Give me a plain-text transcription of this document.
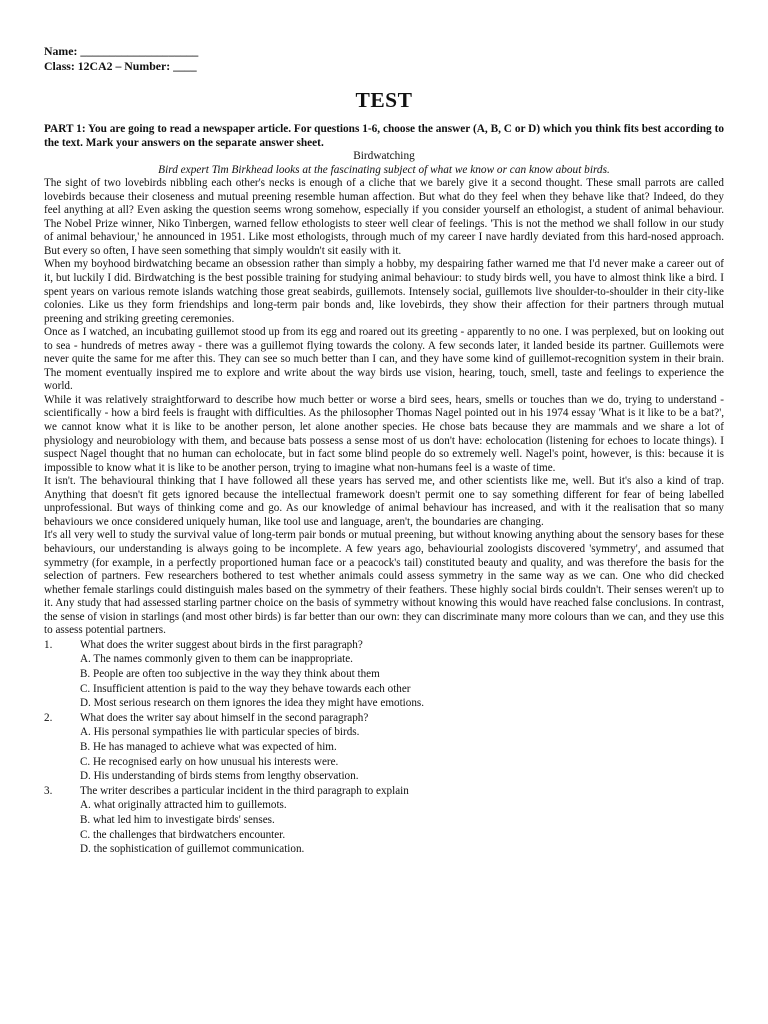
Name: ____________________

Class: 12CA2 – Number: ____

TEST

PART 1: You are going to read a newspaper article. For questions 1-6, choose the answer (A, B, C or D) which you think fits best according to the text. Mark your answers on the separate answer sheet.

Birdwatching

Bird expert Tim Birkhead looks at the fascinating subject of what we know or can know about birds.

The sight of two lovebirds nibbling each other's necks is enough of a cliche that we barely give it a second thought. These small parrots are called lovebirds because their closeness and mutual preening resemble human affection. But what do they feel when they behave like that? Indeed, do they feel anything at all? Even asking the question seems wrong somehow, especially if you consider yourself an ethologist, a student of animal behaviour. The Nobel Prize winner, Niko Tinbergen, warned fellow ethologists to steer well clear of feelings. 'This is not the method we shall follow in our study of animal behaviour,' he announced in 1951. Like most ethologists, through much of my career I nave hardly deviated from this hard-nosed approach. But every so often, I have seen something that simply wouldn't sit easily with it.

When my boyhood birdwatching became an obsession rather than simply a hobby, my despairing father warned me that I'd never make a career out of it, but luckily I did. Birdwatching is the best possible training for studying animal behaviour: to study birds well, you have to almost think like a bird. I spent years on various remote islands watching those great seabirds, guillemots. Intensely social, guillemots live shoulder-to-shoulder in their city-like colonies. Like us they form friendships and long-term pair bonds and, like lovebirds, they show their affection for their partners through mutual preening and striking greeting ceremonies.

Once as I watched, an incubating guillemot stood up from its egg and roared out its greeting - apparently to no one. I was perplexed, but on looking out to sea - hundreds of metres away - there was a guillemot flying towards the colony. A few seconds later, it landed beside its partner. Guillemots were never quite the same for me after this. They can see so much better than I can, and they have some kind of guillemot-recognition system in their brain. The moment eventually inspired me to explore and write about the way birds use vision, hearing, touch, smell, taste and feelings to experience the world.

While it was relatively straightforward to describe how much better or worse a bird sees, hears, smells or touches than we do, trying to understand - scientifically - how a bird feels is fraught with difficulties. As the philosopher Thomas Nagel pointed out in his 1974 essay 'What is it like to be a bat?', we cannot know what it is like to be another person, let alone another species. He chose bats because they are mammals and we share a lot of physiology and neurobiology with them, and because bats possess a sense most of us don't have: echolocation (listening for echoes to locate things). I suspect Nagel thought that no human can echolocate, but in fact some blind people do so extremely well. Nagel's point, however, is this: because it is impossible to know what it is like to be another person, trying to imagine what non-humans feel is a waste of time.

It isn't. The behavioural thinking that I have followed all these years has served me, and other scientists like me, well. But it's also a kind of trap. Anything that doesn't fit gets ignored because the intellectual framework doesn't permit one to say something different for fear of being labelled unprofessional. But ways of thinking come and go. As our knowledge of animal behaviour has increased, and with it the realisation that so many behaviours we once considered uniquely human, like tool use and language, aren't, the boundaries are changing.

It's all very well to study the survival value of long-term pair bonds or mutual preening, but without knowing anything about the sensory bases for these behaviours, our understanding is always going to be incomplete. A few years ago, behaviourial zoologists discovered 'symmetry', and assumed that symmetry (for example, in a perfectly proportioned human face or a peacock's tail) constituted beauty and quality, and was therefore the basis for the selection of partners. Few researchers bothered to test whether animals could assess symmetry in the same way as we can. One who did checked whether female starlings could distinguish males based on the symmetry of their feathers. These highly social birds couldn't. Their senses weren't up to it. Any study that had assessed starling partner choice on the basis of symmetry without knowing this would have reached false conclusions. In contrast, the sense of vision in starlings (and most other birds) is far better than our own: they can discriminate many more colours than we can, and they use this to assess potential partners.

1.	What does the writer suggest about birds in the first paragraph?

A. The names commonly given to them can be inappropriate.

B. People are often too subjective in the way they think about them

C. Insufficient attention is paid to the way they behave towards each other

D. Most serious research on them ignores the idea they might have emotions.

2.	What does the writer say about himself in the second paragraph?

A. His personal sympathies lie with particular species of birds.

B. He has managed to achieve what was expected of him.

C. He recognised early on how unusual his interests were.

D. His understanding of birds stems from lengthy observation.

3.	The writer describes a particular incident in the third paragraph to explain

A. what originally attracted him to guillemots.

B. what led him to investigate birds' senses.

C. the challenges that birdwatchers encounter.

D. the sophistication of guillemot communication.
